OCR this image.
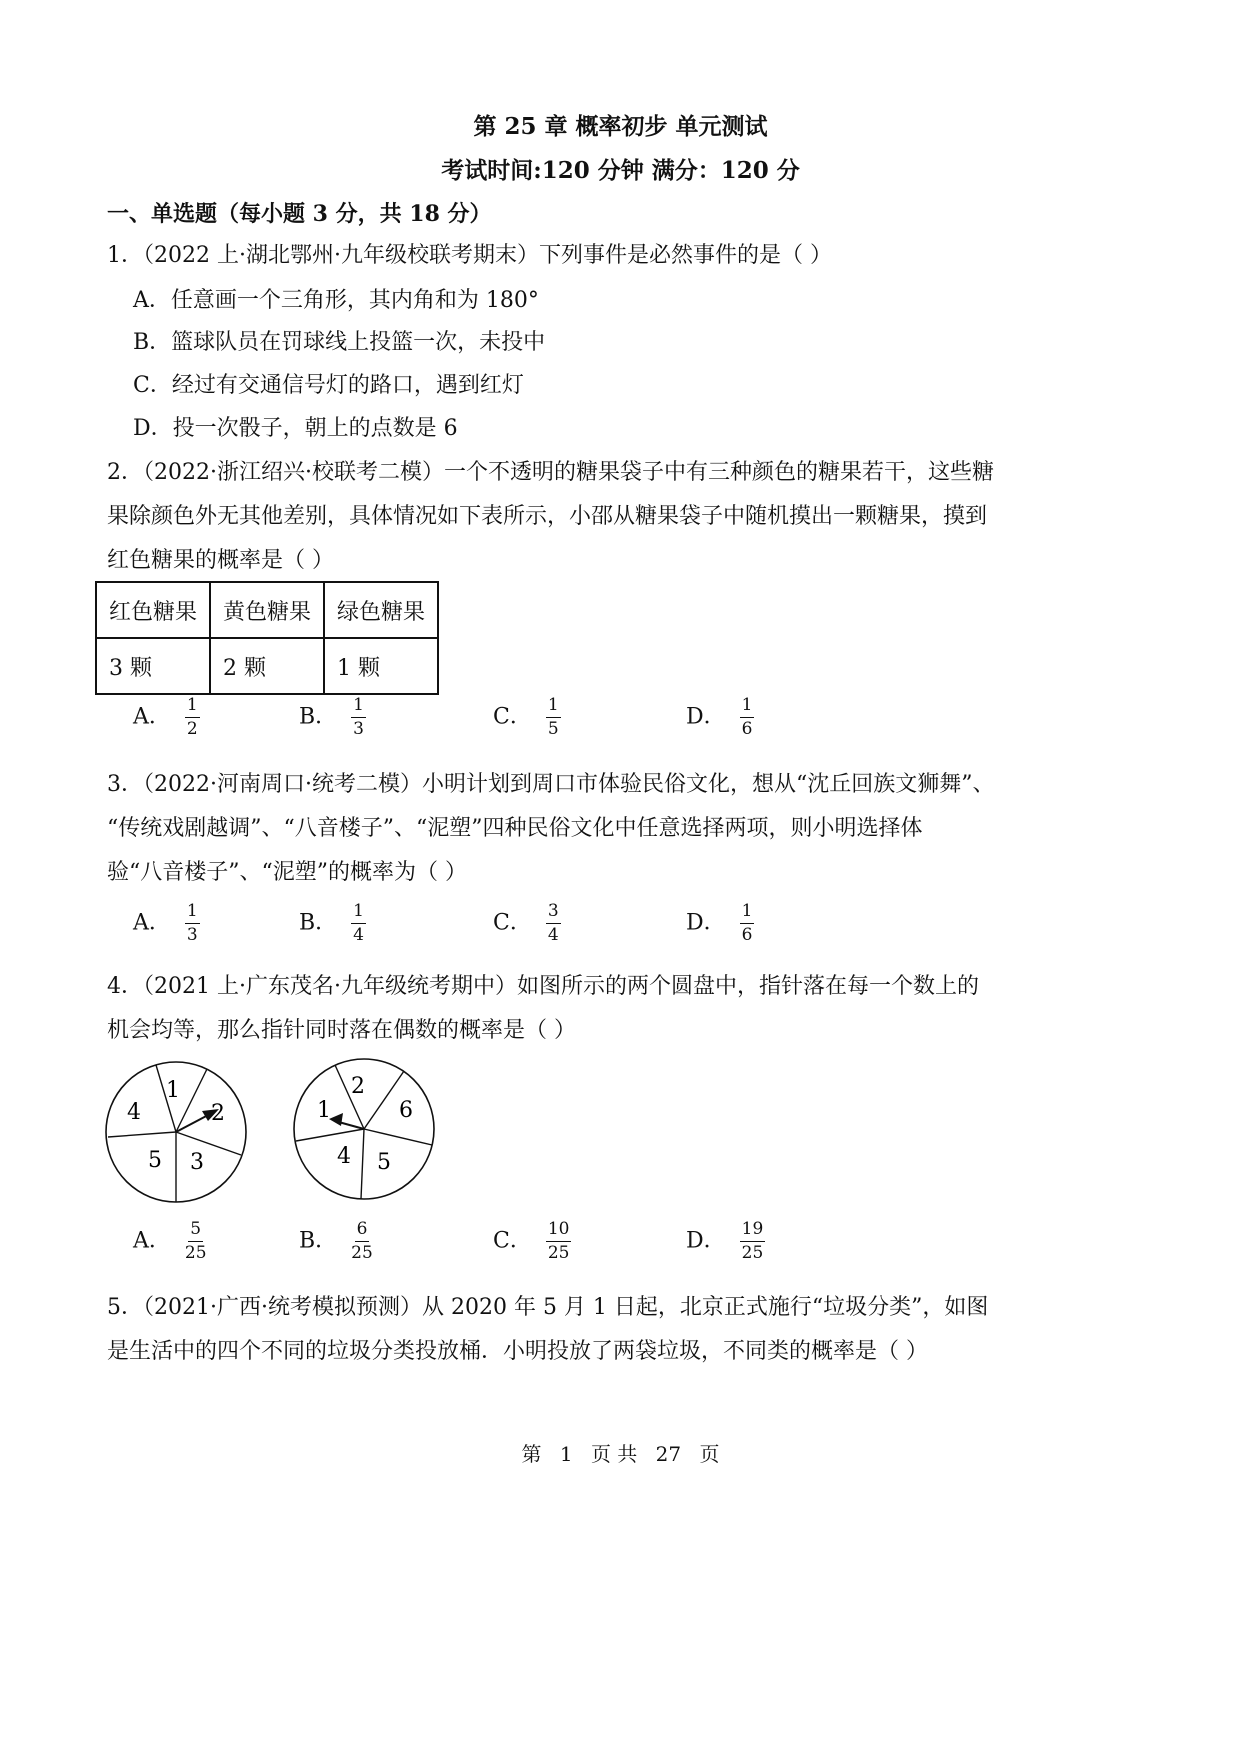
第 25 章 概率初步 单元测试
考试时间:120 分钟 满分：120 分
一、单选题（每小题 3 分，共 18 分）
1．（2022 上·湖北鄂州·九年级校联考期末）下列事件是必然事件的是（ ）
A．任意画一个三角形，其内角和为 180°
B．篮球队员在罚球线上投篮一次，未投中
C．经过有交通信号灯的路口，遇到红灯
D．投一次骰子，朝上的点数是 6
2．（2022·浙江绍兴·校联考二模）一个不透明的糖果袋子中有三种颜色的糖果若干，这些糖
果除颜色外无其他差别，具体情况如下表所示，小邵从糖果袋子中随机摸出一颗糖果，摸到
红色糖果的概率是（ ）
红色糖果	黄色糖果	绿色糖果
3 颗	2 颗	1 颗
A． $\frac{1}{2}$	B． $\frac{1}{3}$	C． $\frac{1}{5}$	D． $\frac{1}{6}$
3．（2022·河南周口·统考二模）小明计划到周口市体验民俗文化，想从“沈丘回族文狮舞”、
“传统戏剧越调”、“八音楼子”、“泥塑”四种民俗文化中任意选择两项，则小明选择体
验“八音楼子”、“泥塑”的概率为（ ）
A． $\frac{1}{3}$	B． $\frac{1}{4}$	C． $\frac{3}{4}$	D． $\frac{1}{6}$
4．（2021 上·广东茂名·九年级统考期中）如图所示的两个圆盘中，指针落在每一个数上的
机会均等，那么指针同时落在偶数的概率是（ ）
1
2
3
5
4
2
6
5
4
1
A． $\frac{5}{25}$	B． $\frac{6}{25}$	C． $\frac{10}{25}$	D． $\frac{19}{25}$
5．（2021·广西·统考模拟预测）从 2020 年 5 月 1 日起，北京正式施行“垃圾分类”，如图
是生活中的四个不同的垃圾分类投放桶．小明投放了两袋垃圾，不同类的概率是（ ）
第 1 页 共 27 页
